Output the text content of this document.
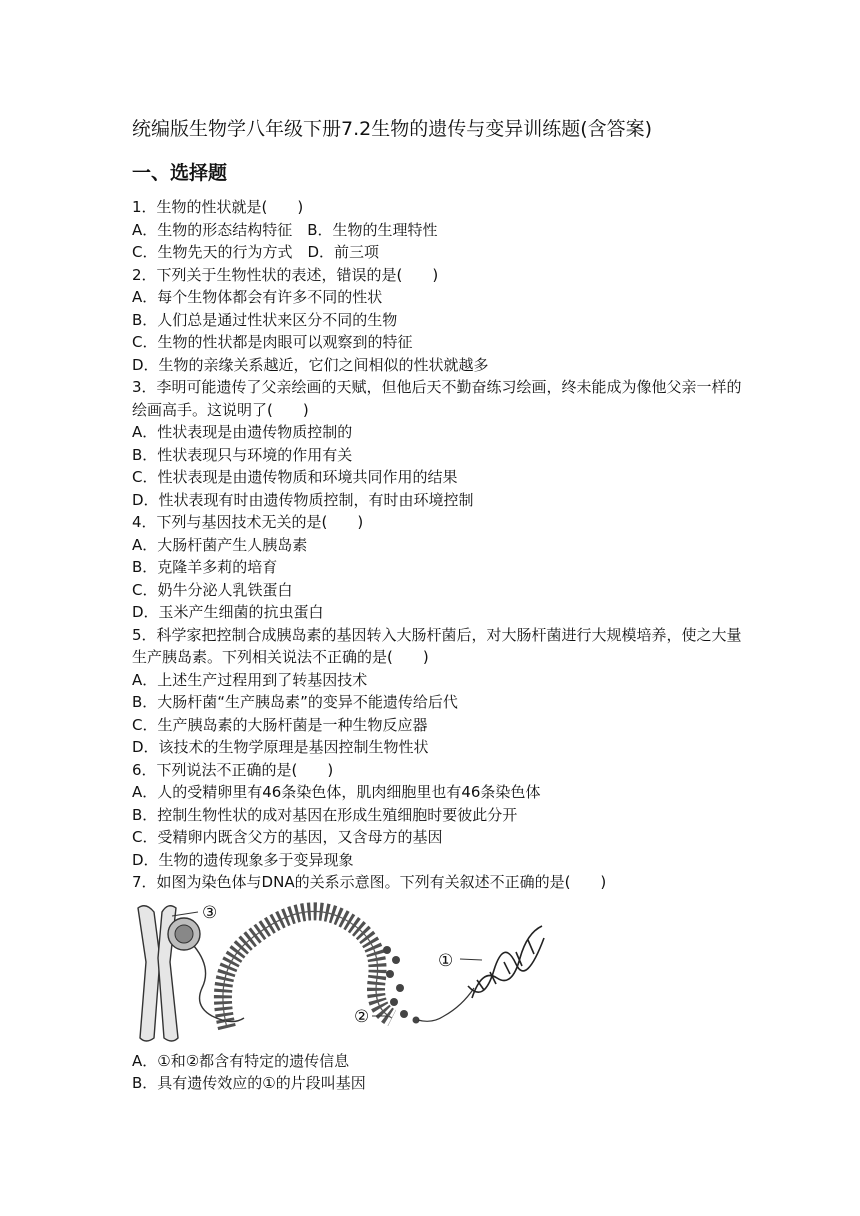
统编版生物学八年级下册7.2生物的遗传与变异训练题(含答案)
一、选择题
1．生物的性状就是(　　)
A．生物的形态结构特征　B．生物的生理特性
C．生物先天的行为方式　D．前三项
2．下列关于生物性状的表述，错误的是(　　)
A．每个生物体都会有许多不同的性状
B．人们总是通过性状来区分不同的生物
C．生物的性状都是肉眼可以观察到的特征
D．生物的亲缘关系越近，它们之间相似的性状就越多
3．李明可能遗传了父亲绘画的天赋，但他后天不勤奋练习绘画，终未能成为像他父亲一样的绘画高手。这说明了(　　)
A．性状表现是由遗传物质控制的
B．性状表现只与环境的作用有关
C．性状表现是由遗传物质和环境共同作用的结果
D．性状表现有时由遗传物质控制，有时由环境控制
4．下列与基因技术无关的是(　　)
A．大肠杆菌产生人胰岛素
B．克隆羊多莉的培育
C．奶牛分泌人乳铁蛋白
D．玉米产生细菌的抗虫蛋白
5．科学家把控制合成胰岛素的基因转入大肠杆菌后，对大肠杆菌进行大规模培养，使之大量生产胰岛素。下列相关说法不正确的是(　　)
A．上述生产过程用到了转基因技术
B．大肠杆菌“生产胰岛素”的变异不能遗传给后代
C．生产胰岛素的大肠杆菌是一种生物反应器
D．该技术的生物学原理是基因控制生物性状
6．下列说法不正确的是(　　)
A．人的受精卵里有46条染色体，肌肉细胞里也有46条染色体
B．控制生物性状的成对基因在形成生殖细胞时要彼此分开
C．受精卵内既含父方的基因，又含母方的基因
D．生物的遗传现象多于变异现象
7．如图为染色体与DNA的关系示意图。下列有关叙述不正确的是(　　)
③
①
②
A．①和②都含有特定的遗传信息
B．具有遗传效应的①的片段叫基因
